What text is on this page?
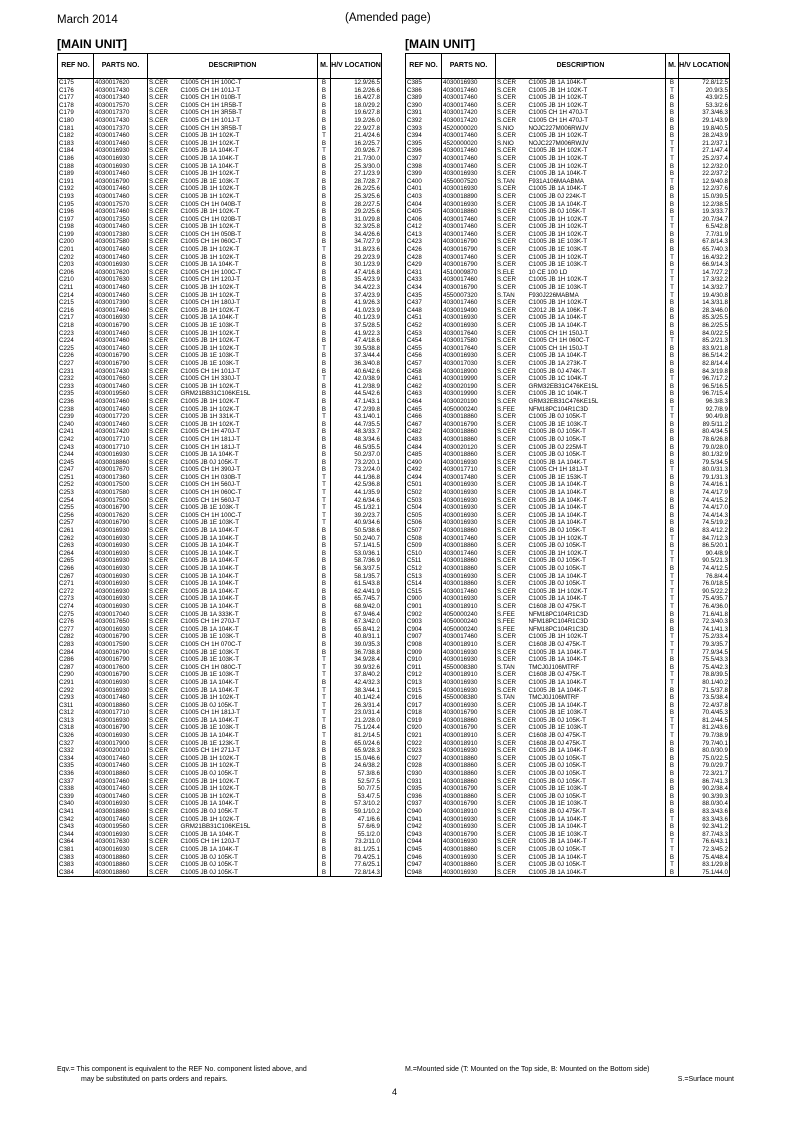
March 2014	(Amended page)
[MAIN UNIT]	[MAIN UNIT]
REF NO.	PARTS NO.	DESCRIPTION		M.	H/V LOCATION
C175	4030017620	S.CER	C1005 CH 1H 100C-T	B	12.9/26.5
C176	4030017430	S.CER	C1005 CH 1H 101J-T	B	16.2/26.6
C177	4030017340	S.CER	C1005 CH 1H 010B-T	B	16.4/27.8
C178	4030017570	S.CER	C1005 CH 1H 1R5B-T	B	18.0/29.2
C179	4030017370	S.CER	C1005 CH 1H 3R5B-T	B	19.6/27.8
C180	4030017430	S.CER	C1005 CH 1H 101J-T	B	19.2/26.0
C181	4030017370	S.CER	C1005 CH 1H 3R5B-T	B	22.9/27.8
C182	4030017460	S.CER	C1005 JB 1H 102K-T	T	21.4/24.6
C183	4030017460	S.CER	C1005 JB 1H 102K-T	B	16.2/25.7
C184	4030016930	S.CER	C1005 JB 1A 104K-T	T	20.9/26.7
C186	4030016930	S.CER	C1005 JB 1A 104K-T	B	21.7/30.0
C188	4030016930	S.CER	C1005 JB 1A 104K-T	B	25.3/30.0
C189	4030017460	S.CER	C1005 JB 1H 102K-T	B	27.1/23.9
C191	4030016790	S.CER	C1005 JB 1E 103K-T	B	28.7/28.7
C192	4030017460	S.CER	C1005 JB 1H 102K-T	B	26.2/25.6
C193	4030017460	S.CER	C1005 JB 1H 102K-T	B	25.3/25.6
C195	4030017570	S.CER	C1005 CH 1H 040B-T	B	28.2/27.5
C196	4030017460	S.CER	C1005 JB 1H 102K-T	B	29.2/25.6
C197	4030017350	S.CER	C1005 CH 1H 020B-T	B	31.0/29.8
C198	4030017460	S.CER	C1005 JB 1H 102K-T	B	32.3/25.8
C199	4030017380	S.CER	C1005 CH 1H 050B-T	B	34.4/26.6
C200	4030017580	S.CER	C1005 CH 1H 060C-T	B	34.7/27.9
C201	4030017460	S.CER	C1005 JB 1H 102K-T	T	31.8/23.6
C202	4030017460	S.CER	C1005 JB 1H 102K-T	B	29.2/23.9
C203	4030016930	S.CER	C1005 JB 1A 104K-T	B	30.1/23.9
C206	4030017620	S.CER	C1005 CH 1H 100C-T	B	47.4/16.8
C210	4030017630	S.CER	C1005 CH 1H 120J-T	B	35.4/23.9
C211	4030017460	S.CER	C1005 JB 1H 102K-T	B	34.4/22.3
C214	4030017460	S.CER	C1005 JB 1H 102K-T	B	37.4/23.9
C215	4030017390	S.CER	C1005 CH 1H 180J-T	B	41.9/26.3
C216	4030017460	S.CER	C1005 JB 1H 102K-T	B	41.0/23.9
C217	4030016930	S.CER	C1005 JB 1A 104K-T	B	40.1/23.9
C218	4030016790	S.CER	C1005 JB 1E 103K-T	B	37.5/28.5
C223	4030017460	S.CER	C1005 JB 1H 102K-T	B	41.9/22.3
C224	4030017460	S.CER	C1005 JB 1H 102K-T	B	47.4/18.6
C225	4030017460	S.CER	C1005 JB 1H 102K-T	T	39.5/38.8
C226	4030016790	S.CER	C1005 JB 1E 103K-T	B	37.3/44.4
C227	4030016790	S.CER	C1005 JB 1E 103K-T	B	36.3/40.8
C231	4030017430	S.CER	C1005 CH 1H 101J-T	B	40.6/42.6
C232	4030017660	S.CER	C1005 CH 1H 330J-T	T	42.0/38.9
C233	4030017460	S.CER	C1005 JB 1H 102K-T	B	41.2/38.9
C235	4030019560	S.CER	GRM21BB31C106KE15L	B	44.5/42.6
C236	4030017460	S.CER	C1005 JB 1H 102K-T	B	47.1/43.1
C238	4030017460	S.CER	C1005 JB 1H 102K-T	B	47.2/39.8
C239	4030017720	S.CER	C1005 JB 1H 331K-T	T	43.1/40.1
C240	4030017460	S.CER	C1005 JB 1H 102K-T	B	44.7/35.5
C241	4030017420	S.CER	C1005 CH 1H 470J-T	B	48.3/33.7
C242	4030017710	S.CER	C1005 CH 1H 181J-T	B	48.3/34.6
C243	4030017710	S.CER	C1005 CH 1H 181J-T	B	46.5/35.5
C244	4030016930	S.CER	C1005 JB 1A 104K-T	B	50.2/37.0
C245	4030018860	S.CER	C1005 JB 0J 105K-T	B	73.2/20.1
C247	4030017670	S.CER	C1005 CH 1H 390J-T	B	73.2/24.0
C251	4030017360	S.CER	C1005 CH 1H 030B-T	T	44.1/36.8
C252	4030017500	S.CER	C1005 CH 1H 560J-T	T	42.5/36.8
C253	4030017580	S.CER	C1005 CH 1H 060C-T	T	44.1/35.9
C254	4030017500	S.CER	C1005 CH 1H 560J-T	T	42.6/34.6
C255	4030016790	S.CER	C1005 JB 1E 103K-T	T	45.1/32.1
C256	4030017620	S.CER	C1005 CH 1H 100C-T	T	39.2/23.7
C257	4030016790	S.CER	C1005 JB 1E 103K-T	T	40.9/34.6
C261	4030016930	S.CER	C1005 JB 1A 104K-T	B	50.5/38.6
C262	4030016930	S.CER	C1005 JB 1A 104K-T	B	50.2/40.7
C263	4030016930	S.CER	C1005 JB 1A 104K-T	B	57.1/41.5
C264	4030016930	S.CER	C1005 JB 1A 104K-T	B	53.0/36.1
C265	4030016930	S.CER	C1005 JB 1A 104K-T	B	58.7/36.9
C266	4030016930	S.CER	C1005 JB 1A 104K-T	B	56.3/37.5
C267	4030016930	S.CER	C1005 JB 1A 104K-T	B	58.1/35.7
C271	4030016930	S.CER	C1005 JB 1A 104K-T	B	61.5/43.8
C272	4030016930	S.CER	C1005 JB 1A 104K-T	B	62.4/41.9
C273	4030016930	S.CER	C1005 JB 1A 104K-T	B	65.7/45.7
C274	4030016930	S.CER	C1005 JB 1A 104K-T	B	68.9/42.0
C275	4030017040	S.CER	C1005 JB 1A 333K-T	B	67.9/46.4
C276	4030017650	S.CER	C1005 CH 1H 270J-T	B	67.3/42.0
C277	4030016930	S.CER	C1005 JB 1A 104K-T	B	65.8/41.2
C282	4030016790	S.CER	C1005 JB 1E 103K-T	B	40.8/31.1
C283	4030017590	S.CER	C1005 CH 1H 070C-T	B	39.0/35.3
C284	4030016790	S.CER	C1005 JB 1E 103K-T	B	36.7/38.8
C286	4030016790	S.CER	C1005 JB 1E 103K-T	T	34.9/28.4
C287	4030017600	S.CER	C1005 CH 1H 080C-T	T	39.9/32.6
C290	4030016790	S.CER	C1005 JB 1E 103K-T	T	37.8/40.2
C291	4030016930	S.CER	C1005 JB 1A 104K-T	B	42.4/32.3
C292	4030016930	S.CER	C1005 JB 1A 104K-T	T	38.3/44.1
C293	4030017460	S.CER	C1005 JB 1H 102K-T	T	40.1/42.4
C311	4030018860	S.CER	C1005 JB 0J 105K-T	T	26.3/31.4
C312	4030017710	S.CER	C1005 CH 1H 181J-T	T	23.0/31.4
C313	4030016930	S.CER	C1005 JB 1A 104K-T	T	21.2/28.0
C318	4030016790	S.CER	C1005 JB 1E 103K-T	B	75.1/24.4
C326	4030016930	S.CER	C1005 JB 1A 104K-T	T	81.2/14.5
C327	4030017900	S.CER	C1005 JB 1E 123K-T	B	65.0/24.6
C332	4030020010	S.CER	C1005 CH 1H 271J-T	B	65.9/28.3
C334	4030017460	S.CER	C1005 JB 1H 102K-T	B	15.0/46.6
C335	4030017460	S.CER	C1005 JB 1H 102K-T	B	24.6/38.2
C336	4030018860	S.CER	C1005 JB 0J 105K-T	B	57.3/8.6
C337	4030017460	S.CER	C1005 JB 1H 102K-T	B	52.5/7.5
C338	4030017460	S.CER	C1005 JB 1H 102K-T	B	50.7/7.5
C339	4030017460	S.CER	C1005 JB 1H 102K-T	B	53.4/7.5
C340	4030016930	S.CER	C1005 JB 1A 104K-T	B	57.3/10.2
C341	4030018860	S.CER	C1005 JB 0J 105K-T	B	59.1/10.2
C342	4030017460	S.CER	C1005 JB 1H 102K-T	B	47.1/6.6
C343	4030019560	S.CER	GRM21BB31C106KE15L	B	57.6/6.9
C344	4030016930	S.CER	C1005 JB 1A 104K-T	B	55.1/2.0
C364	4030017630	S.CER	C1005 CH 1H 120J-T	B	73.2/11.0
C381	4030016930	S.CER	C1005 JB 1A 104K-T	B	81.1/25.1
C383	4030018860	S.CER	C1005 JB 0J 105K-T	B	79.4/25.1
C383	4030018860	S.CER	C1005 JB 0J 105K-T	B	77.6/25.1
C384	4030018860	S.CER	C1005 JB 0J 105K-T	B	72.8/14.3
REF NO.	PARTS NO.	DESCRIPTION		M.	H/V LOCATION
C385	4030016930	S.CER	C1005 JB 1A 104K-T	B	72.8/12.5
C386	4030017460	S.CER	C1005 JB 1H 102K-T	T	20.9/3.5
C389	4030017460	S.CER	C1005 JB 1H 102K-T	B	43.9/2.5
C390	4030017460	S.CER	C1005 JB 1H 102K-T	B	53.3/2.6
C391	4030017420	S.CER	C1005 CH 1H 470J-T	B	37.3/46.3
C392	4030017420	S.CER	C1005 CH 1H 470J-T	B	29.1/43.9
C393	4520000020	S.NIO	NOJC227M006RWJV	B	19.8/40.5
C394	4030017460	S.CER	C1005 JB 1H 102K-T	B	28.2/43.9
C395	4520000020	S.NIO	NOJC227M006RWJV	T	21.2/37.1
C396	4030017460	S.CER	C1005 JB 1H 102K-T	T	27.1/47.4
C397	4030017460	S.CER	C1005 JB 1H 102K-T	T	25.2/37.4
C398	4030017460	S.CER	C1005 JB 1H 102K-T	B	12.2/32.0
C399	4030016930	S.CER	C1005 JB 1A 104K-T	B	22.2/37.2
C400	4550007520	S.TAN	F931A106MAABMA	T	12.9/40.8
C401	4030016930	S.CER	C1005 JB 1A 104K-T	B	12.2/37.6
C403	4030018890	S.CER	C1005 JB 0J 224K-T	B	15.0/39.5
C404	4030016930	S.CER	C1005 JB 1A 104K-T	B	12.2/38.5
C405	4030018860	S.CER	C1005 JB 0J 105K-T	B	19.3/33.7
C406	4030017460	S.CER	C1005 JB 1H 102K-T	T	20.7/34.7
C412	4030017460	S.CER	C1005 JB 1H 102K-T	T	6.5/42.8
C413	4030017460	S.CER	C1005 JB 1H 102K-T	B	7.7/31.9
C423	4030016790	S.CER	C1005 JB 1E 103K-T	B	67.8/14.3
C426	4030016790	S.CER	C1005 JB 1E 103K-T	B	65.7/40.3
C428	4030017460	S.CER	C1005 JB 1H 102K-T	T	16.4/32.2
C429	4030016790	S.CER	C1005 JB 1E 103K-T	B	66.9/14.3
C431	4510009870	S.ELE	10 CE 100 LD	T	14.7/27.2
C433	4030017460	S.CER	C1005 JB 1H 102K-T	T	17.3/32.2
C434	4030016790	S.CER	C1005 JB 1E 103K-T	T	14.3/32.7
C435	4550007320	S.TAN	F930J226MABMA	T	19.4/30.8
C437	4030017460	S.CER	C1005 JB 1H 102K-T	B	14.3/31.8
C448	4030019490	S.CER	C2012 JB 1A 106K-T	B	28.3/46.0
C451	4030016930	S.CER	C1005 JB 1A 104K-T	B	85.3/25.5
C452	4030016930	S.CER	C1005 JB 1A 104K-T	B	86.2/25.5
C453	4030017640	S.CER	C1005 CH 1H 150J-T	B	84.0/22.5
C454	4030017580	S.CER	C1005 CH 1H 060C-T	T	85.2/21.3
C455	4030017640	S.CER	C1005 CH 1H 150J-T	B	83.9/21.8
C456	4030016930	S.CER	C1005 JB 1A 104K-T	B	86.5/14.2
C457	4030017030	S.CER	C1005 JB 1A 273K-T	B	82.8/14.4
C458	4030018900	S.CER	C1005 JB 0J 474K-T	B	84.3/19.8
C461	4030019990	S.CER	C1005 JB 1C 104K-T	T	96.7/17.2
C462	4030020190	S.CER	GRM32EB31C476KE15L	B	96.5/16.5
C463	4030019990	S.CER	C1005 JB 1C 104K-T	B	96.7/15.4
C464	4030020190	S.CER	GRM32EB31C476KE15L	B	96.3/8.3
C465	4050000240	S.FEE	NFM18PC104R1C3D	T	92.7/8.9
C466	4030018860	S.CER	C1005 JB 0J 105K-T	T	90.4/9.8
C467	4030016790	S.CER	C1005 JB 1E 103K-T	B	89.5/11.2
C482	4030018860	S.CER	C1005 JB 0J 105K-T	B	80.4/34.5
C483	4030018860	S.CER	C1005 JB 0J 105K-T	B	78.6/26.8
C484	4030020120	S.CER	C1005 JB 0J 225M-T	B	79.0/28.0
C485	4030018860	S.CER	C1005 JB 0J 105K-T	B	80.1/32.9
C490	4030016930	S.CER	C1005 JB 1A 104K-T	B	79.5/34.5
C492	4030017710	S.CER	C1005 CH 1H 181J-T	T	80.0/31.3
C494	4030017480	S.CER	C1005 JB 1E 153K-T	B	79.1/31.3
C501	4030016930	S.CER	C1005 JB 1A 104K-T	B	74.4/16.1
C502	4030016930	S.CER	C1005 JB 1A 104K-T	B	74.4/17.9
C503	4030016930	S.CER	C1005 JB 1A 104K-T	B	74.4/15.2
C504	4030016930	S.CER	C1005 JB 1A 104K-T	B	74.4/17.0
C505	4030016930	S.CER	C1005 JB 1A 104K-T	B	74.4/14.3
C506	4030016930	S.CER	C1005 JB 1A 104K-T	B	74.5/19.2
C507	4030018860	S.CER	C1005 JB 0J 105K-T	B	83.4/12.2
C508	4030017460	S.CER	C1005 JB 1H 102K-T	T	84.7/12.3
C509	4030018860	S.CER	C1005 JB 0J 105K-T	B	86.5/20.1
C510	4030017460	S.CER	C1005 JB 1H 102K-T	T	90.4/8.9
C511	4030018860	S.CER	C1005 JB 0J 105K-T	T	90.5/21.3
C512	4030018860	S.CER	C1005 JB 0J 105K-T	B	74.4/12.5
C513	4030016930	S.CER	C1005 JB 1A 104K-T	T	76.8/4.4
C514	4030018860	S.CER	C1005 JB 0J 105K-T	T	76.0/18.5
C515	4030017460	S.CER	C1005 JB 1H 102K-T	T	90.5/22.2
C900	4030016930	S.CER	C1005 JB 1A 104K-T	T	75.4/35.7
C901	4030018910	S.CER	C1608 JB 0J 475K-T	T	76.4/36.0
C902	4050000240	S.FEE	NFM18PC104R1C3D	B	71.6/41.8
C903	4050000240	S.FEE	NFM18PC104R1C3D	B	72.3/40.3
C904	4050000240	S.FEE	NFM18PC104R1C3D	B	74.1/41.3
C907	4030017460	S.CER	C1005 JB 1H 102K-T	T	75.2/33.4
C908	4030018910	S.CER	C1608 JB 0J 475K-T	T	79.3/35.7
C909	4030016930	S.CER	C1005 JB 1A 104K-T	T	77.9/34.5
C910	4030016930	S.CER	C1005 JB 1A 104K-T	B	75.5/43.3
C911	4550008380	S.TAN	TMCJ0J106MTRF	B	75.4/42.3
C912	4030018910	S.CER	C1608 JB 0J 475K-T	T	78.8/39.5
C913	4030016930	S.CER	C1005 JB 1A 104K-T	T	80.1/40.2
C915	4030016930	S.CER	C1005 JB 1A 104K-T	B	71.5/37.8
C916	4550008380	S.TAN	TMCJ0J106MTRF	B	73.5/38.4
C917	4030016930	S.CER	C1005 JB 1A 104K-T	B	72.4/37.8
C918	4030016790	S.CER	C1005 JB 1E 103K-T	B	70.4/45.3
C919	4030018860	S.CER	C1005 JB 0J 105K-T	T	81.2/44.5
C920	4030016790	S.CER	C1005 JB 1E 103K-T	T	81.2/43.6
C921	4030018910	S.CER	C1608 JB 0J 475K-T	T	79.7/38.9
C922	4030018910	S.CER	C1608 JB 0J 475K-T	B	79.7/40.1
C923	4030016930	S.CER	C1005 JB 1A 104K-T	B	80.0/30.9
C927	4030018860	S.CER	C1005 JB 0J 105K-T	B	75.0/22.5
C928	4030018860	S.CER	C1005 JB 0J 105K-T	B	79.0/29.7
C930	4030018860	S.CER	C1005 JB 0J 105K-T	B	72.3/21.7
C931	4030018860	S.CER	C1005 JB 0J 105K-T	B	86.7/41.3
C935	4030016790	S.CER	C1005 JB 1E 103K-T	B	90.2/38.4
C936	4030018860	S.CER	C1005 JB 0J 105K-T	B	90.3/39.3
C937	4030016790	S.CER	C1005 JB 1E 103K-T	B	88.0/30.4
C940	4030018910	S.CER	C1608 JB 0J 475K-T	B	83.3/43.6
C941	4030016930	S.CER	C1005 JB 1A 104K-T	T	83.3/43.6
C942	4030016930	S.CER	C1005 JB 1A 104K-T	B	92.3/41.2
C943	4030016790	S.CER	C1005 JB 1E 103K-T	B	87.7/43.3
C944	4030016930	S.CER	C1005 JB 1A 104K-T	T	76.6/43.1
C945	4030018860	S.CER	C1005 JB 0J 105K-T	T	72.3/45.2
C946	4030016930	S.CER	C1005 JB 1A 104K-T	B	75.4/48.4
C947	4030018860	S.CER	C1005 JB 0J 105K-T	T	83.1/29.8
C948	4030016930	S.CER	C1005 JB 1A 104K-T	B	75.1/44.0
Eqv.= This component is equivalent to the REF No. component listed above, and
may be substituted on parts orders and repairs.
M.=Mounted side (T: Mounted on the Top side, B: Mounted on the Bottom side)
S.=Surface mount
4
